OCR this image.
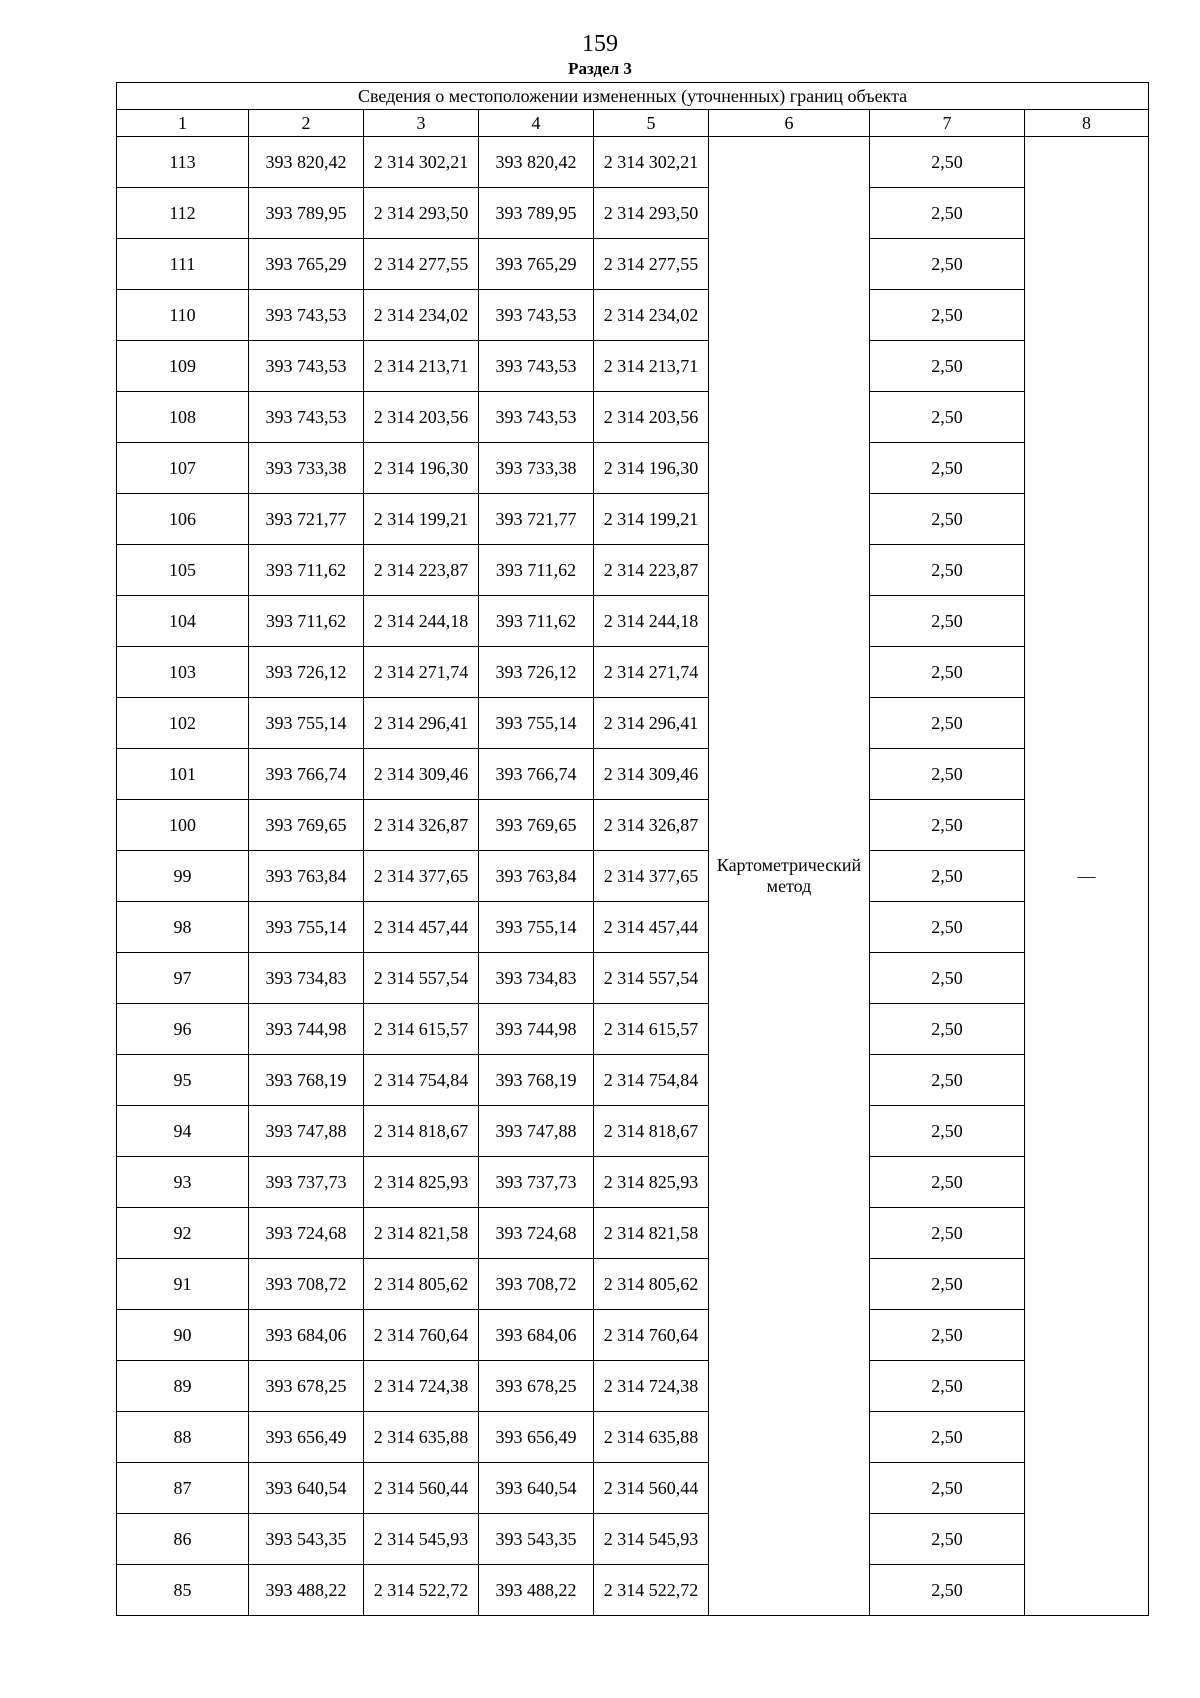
159
Раздел 3
Сведения о местоположении измененных (уточненных) границ объекта							
1	2	3	4	5	6	7	8
113	393 820,42	2 314 302,21	393 820,42	2 314 302,21	Картометрический метод	2,50	—
112	393 789,95	2 314 293,50	393 789,95	2 314 293,50		2,50	
111	393 765,29	2 314 277,55	393 765,29	2 314 277,55		2,50	
110	393 743,53	2 314 234,02	393 743,53	2 314 234,02		2,50	
109	393 743,53	2 314 213,71	393 743,53	2 314 213,71		2,50	
108	393 743,53	2 314 203,56	393 743,53	2 314 203,56		2,50	
107	393 733,38	2 314 196,30	393 733,38	2 314 196,30		2,50	
106	393 721,77	2 314 199,21	393 721,77	2 314 199,21		2,50	
105	393 711,62	2 314 223,87	393 711,62	2 314 223,87		2,50	
104	393 711,62	2 314 244,18	393 711,62	2 314 244,18		2,50	
103	393 726,12	2 314 271,74	393 726,12	2 314 271,74		2,50	
102	393 755,14	2 314 296,41	393 755,14	2 314 296,41		2,50	
101	393 766,74	2 314 309,46	393 766,74	2 314 309,46		2,50	
100	393 769,65	2 314 326,87	393 769,65	2 314 326,87		2,50	
99	393 763,84	2 314 377,65	393 763,84	2 314 377,65		2,50	
98	393 755,14	2 314 457,44	393 755,14	2 314 457,44		2,50	
97	393 734,83	2 314 557,54	393 734,83	2 314 557,54		2,50	
96	393 744,98	2 314 615,57	393 744,98	2 314 615,57		2,50	
95	393 768,19	2 314 754,84	393 768,19	2 314 754,84		2,50	
94	393 747,88	2 314 818,67	393 747,88	2 314 818,67		2,50	
93	393 737,73	2 314 825,93	393 737,73	2 314 825,93		2,50	
92	393 724,68	2 314 821,58	393 724,68	2 314 821,58		2,50	
91	393 708,72	2 314 805,62	393 708,72	2 314 805,62		2,50	
90	393 684,06	2 314 760,64	393 684,06	2 314 760,64		2,50	
89	393 678,25	2 314 724,38	393 678,25	2 314 724,38		2,50	
88	393 656,49	2 314 635,88	393 656,49	2 314 635,88		2,50	
87	393 640,54	2 314 560,44	393 640,54	2 314 560,44		2,50	
86	393 543,35	2 314 545,93	393 543,35	2 314 545,93		2,50	
85	393 488,22	2 314 522,72	393 488,22	2 314 522,72		2,50	
